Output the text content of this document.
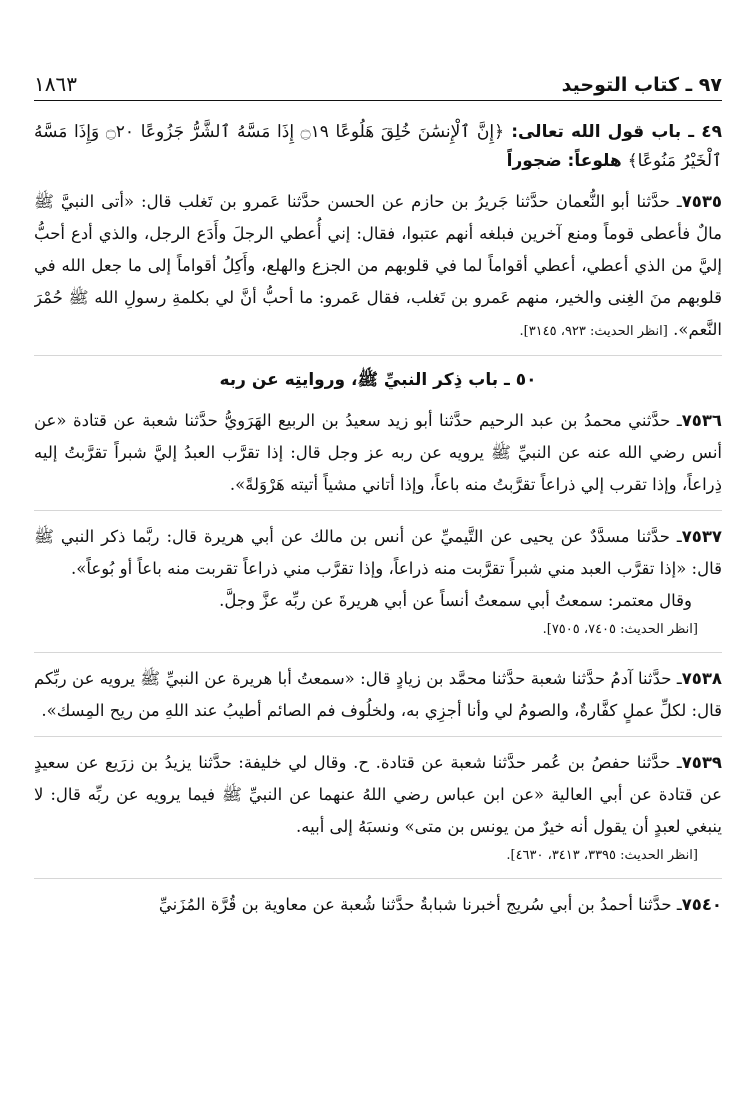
٩٧ ـ كتاب التوحيد
١٨٦٣

٤٩ ـ باب قول الله تعالى: ﴿إِنَّ ٱلْإِنسَٰنَ خُلِقَ هَلُوعًا ۝١٩ إِذَا مَسَّهُ ٱلشَّرُّ جَزُوعًا ۝٢٠ وَإِذَا مَسَّهُ ٱلْخَيْرُ مَنُوعًا﴾ هلوعاً: ضجوراً

٧٥٣٥ـ حدَّثنا أبو النُّعمان حدَّثنا جَريرُ بن حازم عن الحسن حدَّثنا عَمرو بن تَغلب قال: «أتى النبيَّ ﷺ مالٌ فأعطى قوماً ومنع آخرين فبلغه أنهم عتبوا، فقال: إني أُعطي الرجلَ وأَدَع الرجل، والذي أدع أحبُّ إليَّ من الذي أعطي، أعطي أقواماً لما في قلوبهم من الجزع والهلع، وأَكِلُ أقواماً إلى ما جعل الله في قلوبهم منَ الغِنى والخير، منهم عَمرو بن تَغلب، فقال عَمرو: ما أحبُّ أنَّ لي بكلمةِ رسولِ الله ﷺ حُمْرَ النَّعم». [انظر الحديث: ٩٢٣، ٣١٤٥].

٥٠ ـ باب ذِكر النبيِّ ﷺ، وروايتِه عن ربه

٧٥٣٦ـ حدَّثني محمدُ بن عبد الرحيم حدَّثنا أبو زيد سعيدُ بن الربيع الهَرَويُّ حدَّثنا شعبة عن قتادة «عن أنس رضي الله عنه عن النبيِّ ﷺ يرويه عن ربه عز وجل قال: إذا تقرَّب العبدُ إليَّ شبراً تقرَّبتُ إليه ذِراعاً، وإذا تقرب إلي ذراعاً تقرَّبتُ منه باعاً، وإذا أتاني مشياً أتيته هَرْوَلةً».

٧٥٣٧ـ حدَّثنا مسدَّدٌ عن يحيى عن التَّيميِّ عن أنس بن مالك عن أبي هريرة قال: ربَّما ذكر النبي ﷺ قال: «إذا تقرَّب العبد مني شبراً تقرَّبت منه ذراعاً، وإذا تقرَّب مني ذراعاً تقربت منه باعاً أو بُوعاً».

وقال معتمر: سمعتُ أبي سمعتُ أنساً عن أبي هريرةَ عن ربِّه عزَّ وجلَّ.

[انظر الحديث: ٧٤٠٥، ٧٥٠٥].

٧٥٣٨ـ حدَّثنا آدمُ حدَّثنا شعبة حدَّثنا محمَّد بن زيادٍ قال: «سمعتُ أبا هريرة عن النبيِّ ﷺ يرويه عن ربِّكم قال: لكلِّ عملٍ كفَّارةٌ، والصومُ لي وأنا أجزِي به، ولخلُوف فم الصائم أطيبُ عند اللهِ من ريح المِسك».

٧٥٣٩ـ حدَّثنا حفصُ بن عُمر حدَّثنا شعبة عن قتادة. ح. وقال لي خليفة: حدَّثنا يزيدُ بن زرَيع عن سعيدٍ عن قتادة عن أبي العالية «عن ابن عباس رضي اللهُ عنهما عن النبيِّ ﷺ فيما يرويه عن ربِّه قال: لا ينبغي لعبدٍ أن يقول أنه خيرٌ من يونس بن متى» ونسبَهُ إلى أبيه.

[انظر الحديث: ٣٣٩٥، ٣٤١٣، ٤٦٣٠].

٧٥٤٠ـ حدَّثنا أحمدُ بن أبي سُريج أخبرنا شبابةُ حدَّثنا شُعبة عن معاوية بن قُرَّة المُزَنيِّ
